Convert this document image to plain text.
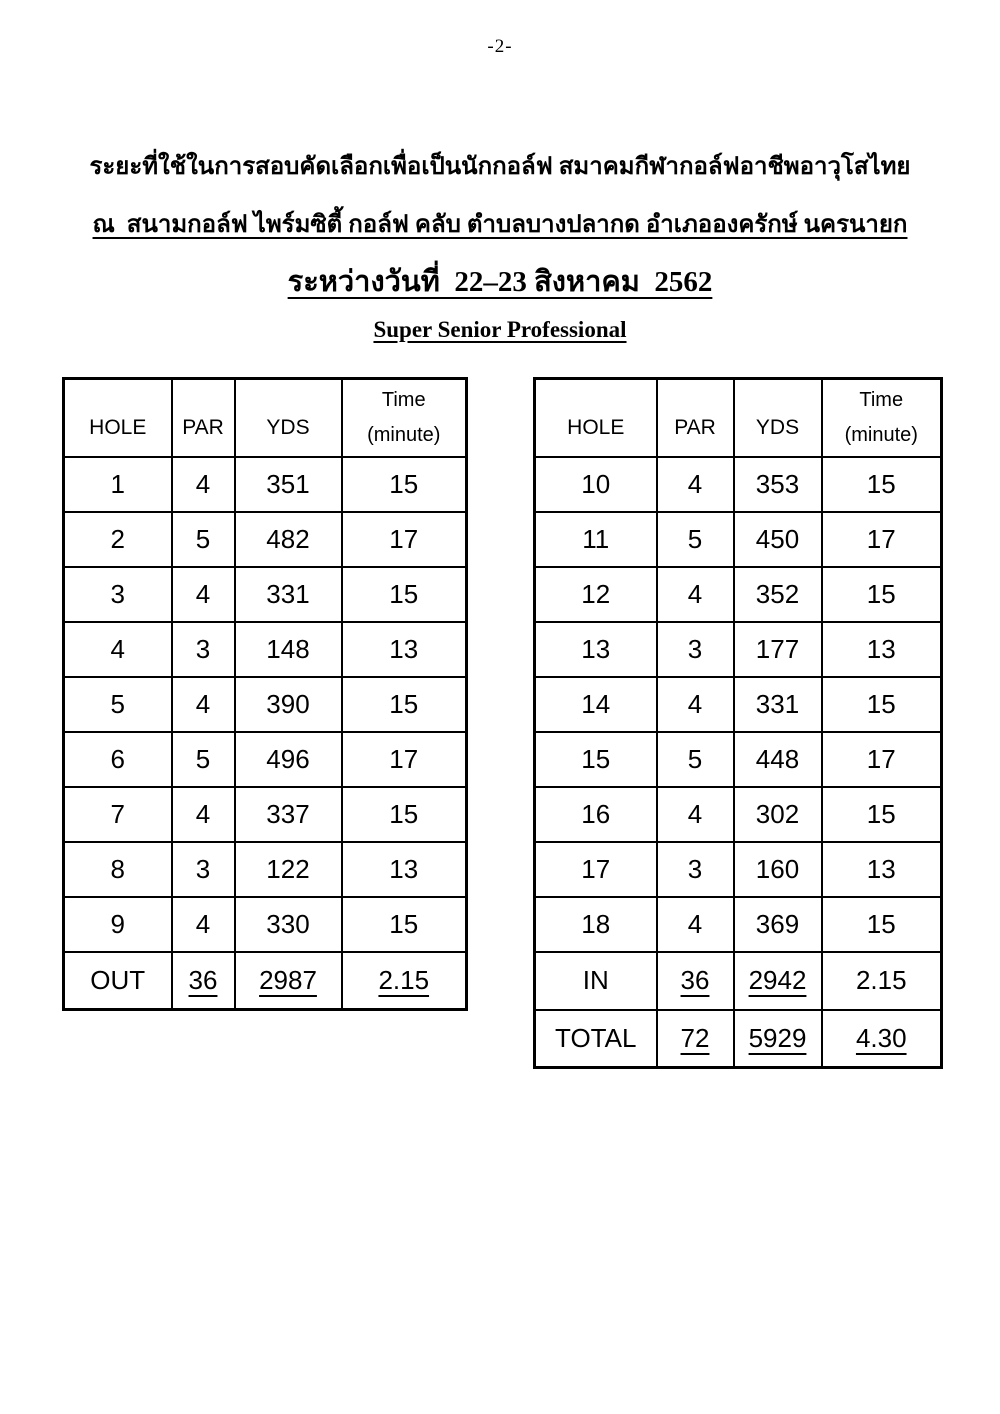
-2-
ระยะที่ใช้ในการสอบคัดเลือกเพื่อเป็นนักกอล์ฟ สมาคมกีฬากอล์ฟอาชีพอาวุโสไทย
ณ  สนามกอล์ฟ ไพร์มซิตี้ กอล์ฟ คลับ ตำบลบางปลากด อำเภอองครักษ์ นครนายก
ระหว่างวันที่  22–23 สิงหาคม  2562
Super Senior Professional
HOLE	PAR	YDS	Time
(minute)

1	4	351	15
2	5	482	17
3	4	331	15
4	3	148	13
5	4	390	15
6	5	496	17
7	4	337	15
8	3	122	13
9	4	330	15
OUT	36	2987	2.15
HOLE	PAR	YDS	Time
(minute)

10	4	353	15
11	5	450	17
12	4	352	15
13	3	177	13
14	4	331	15
15	5	448	17
16	4	302	15
17	3	160	13
18	4	369	15
IN	36	2942	2.15
TOTAL	72	5929	4.30
